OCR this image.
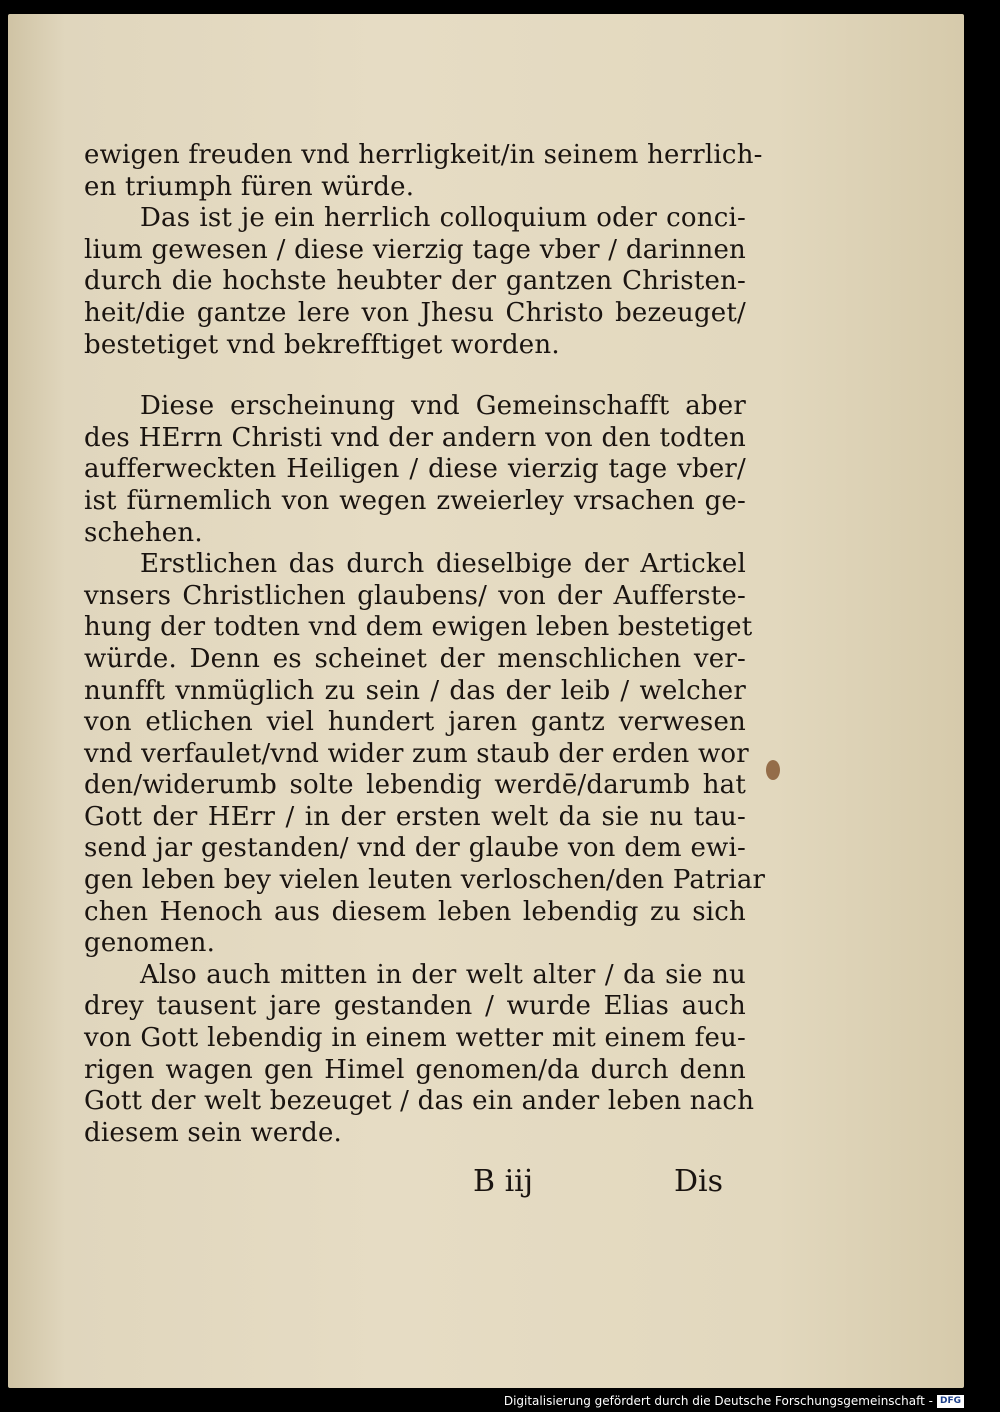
ewigen freuden vnd herrligkeit/in seinem herrlich-
en triumph füren würde.
Das ist je ein herrlich colloquium oder conci-
lium gewesen / diese vierzig tage vber / darinnen
durch die hochste heubter der gantzen Christen-
heit/die gantze lere von Jhesu Christo bezeuget/
bestetiget vnd bekrefftiget worden.
Diese erscheinung vnd Gemeinschafft aber
des HErrn Christi vnd der andern von den todten
aufferweckten Heiligen / diese vierzig tage vber/
ist fürnemlich von wegen zweierley vrsachen ge-
schehen.
Erstlichen das durch dieselbige der Artickel
vnsers Christlichen glaubens/ von der Aufferste-
hung der todten vnd dem ewigen leben bestetiget
würde. Denn es scheinet der menschlichen ver-
nunfft vnmüglich zu sein / das der leib / welcher
von etlichen viel hundert jaren gantz verwesen
vnd verfaulet/vnd wider zum staub der erden wor
den/widerumb solte lebendig werdē/darumb hat
Gott der HErr / in der ersten welt da sie nu tau-
send jar gestanden/ vnd der glaube von dem ewi-
gen leben bey vielen leuten verloschen/den Patriar
chen Henoch aus diesem leben lebendig zu sich
genomen.
Also auch mitten in der welt alter / da sie nu
drey tausent jare gestanden / wurde Elias auch
von Gott lebendig in einem wetter mit einem feu-
rigen wagen gen Himel genomen/da durch denn
Gott der welt bezeuget / das ein ander leben nach
diesem sein werde.
B iij	Dis
Digitalisierung gefördert durch die Deutsche Forschungsgemeinschaft - DFG
